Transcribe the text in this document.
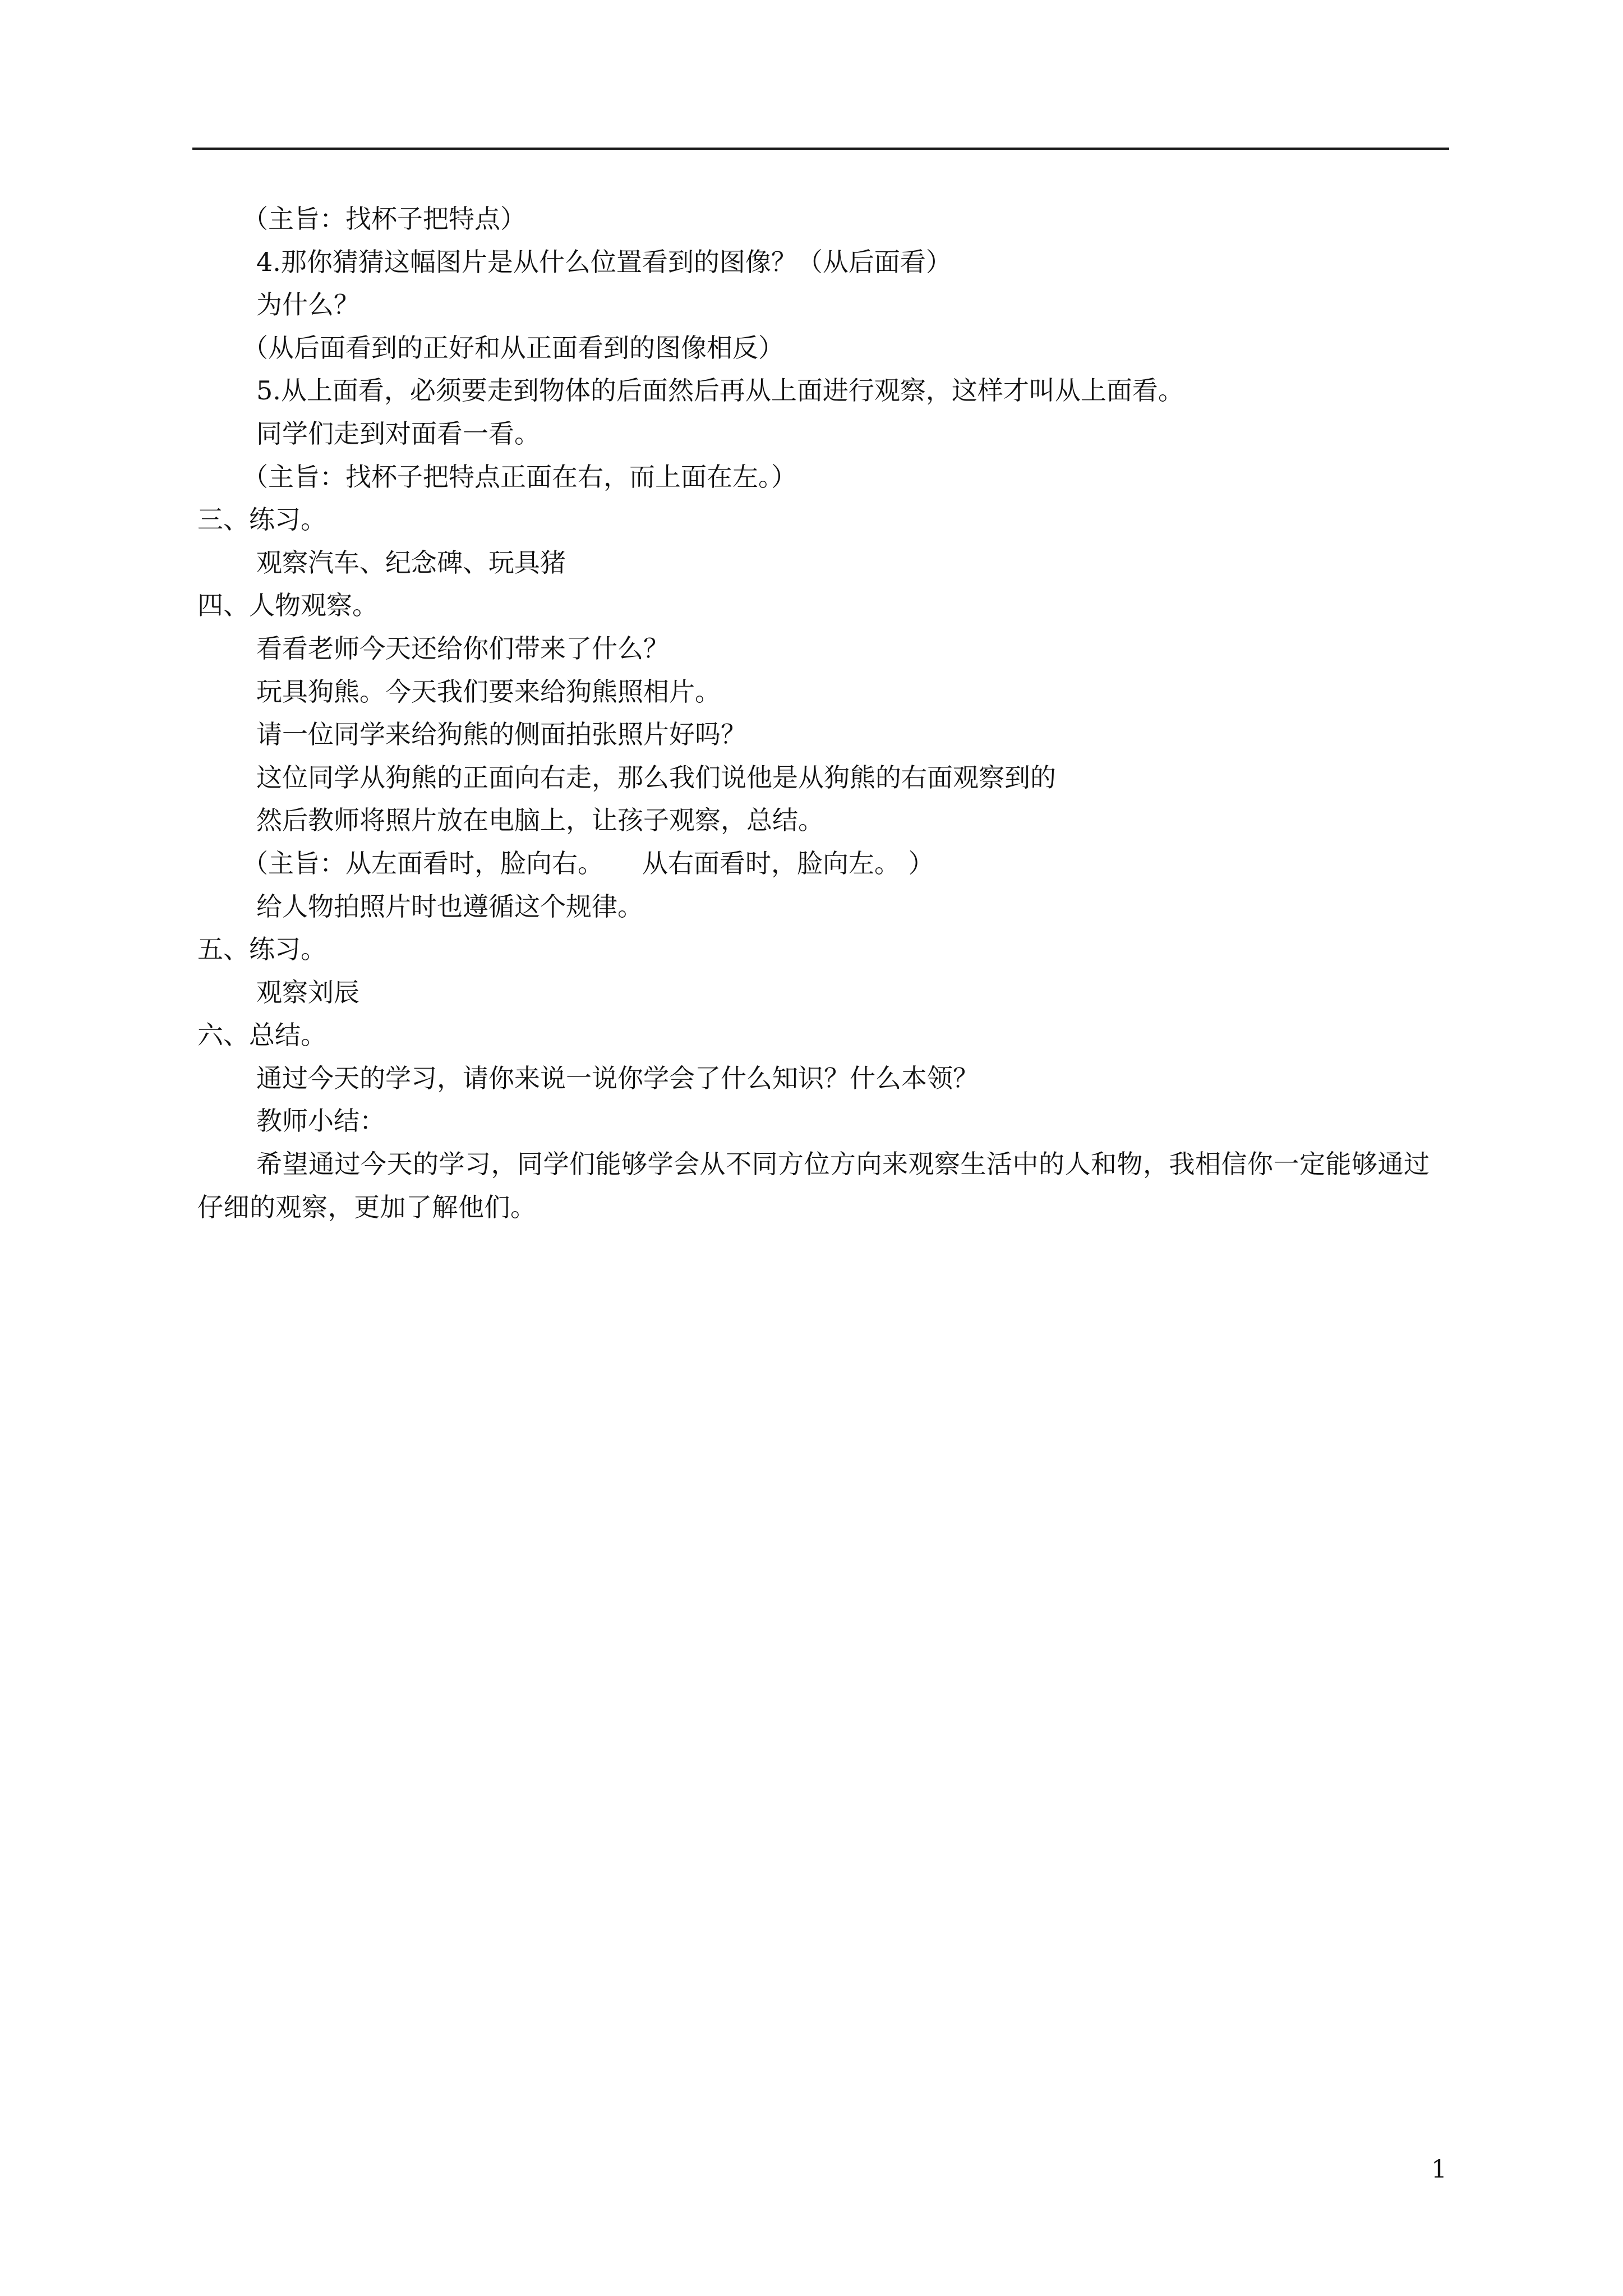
（主旨：找杯子把特点）
4.那你猜猜这幅图片是从什么位置看到的图像？（从后面看）
为什么？
（从后面看到的正好和从正面看到的图像相反）
5.从上面看，必须要走到物体的后面然后再从上面进行观察，这样才叫从上面看。
同学们走到对面看一看。
（主旨：找杯子把特点正面在右，而上面在左。）
三、练习。
观察汽车、纪念碑、玩具猪
四、人物观察。
看看老师今天还给你们带来了什么？
玩具狗熊。今天我们要来给狗熊照相片。
请一位同学来给狗熊的侧面拍张照片好吗？
这位同学从狗熊的正面向右走，那么我们说他是从狗熊的右面观察到的
然后教师将照片放在电脑上，让孩子观察，总结。
（主旨：从左面看时，脸向右。　　从右面看时，脸向左。 ）
给人物拍照片时也遵循这个规律。
五、练习。
观察刘辰
六、总结。
通过今天的学习，请你来说一说你学会了什么知识？什么本领？
教师小结：
希望通过今天的学习，同学们能够学会从不同方位方向来观察生活中的人和物，我相信你一定能够通过仔细的观察，更加了解他们。
1
